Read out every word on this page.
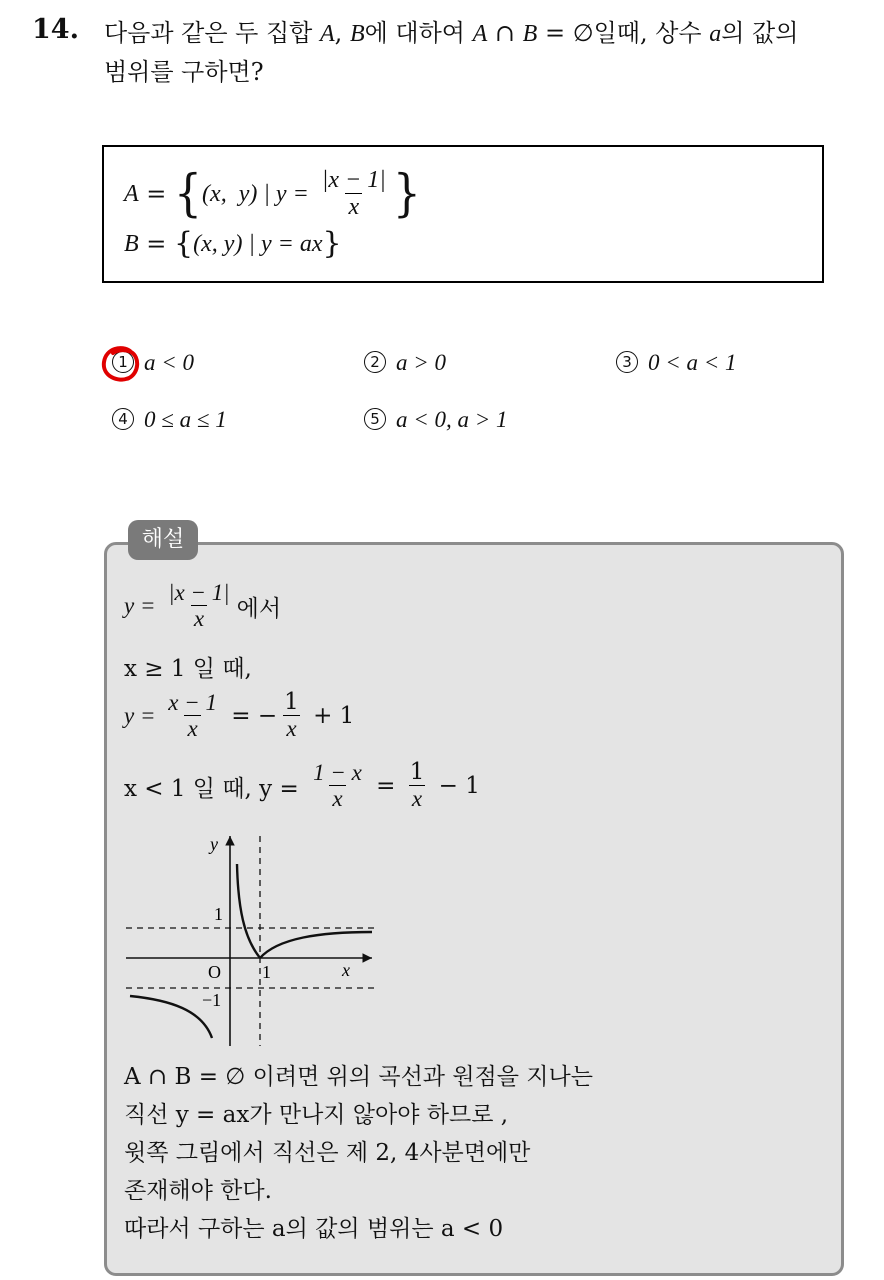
14. 다음과 같은 두 집합 A, B에 대하여 A ∩ B = ∅일때, 상수 a의 값의
범위를 구하면?
A = { (x,  y) | $y = \frac{|x - 1|}{x}$ }
B = { (x, y) | y = ax }
1 a < 0	2 a > 0	3 0 < a < 1
4 0 ≤ a ≤ 1	5 a < 0, a > 1
해설
$y = \frac{|x - 1|}{x}$ 에서
x ≥ 1 일 때,
$y = \frac{x - 1}{x}$ = − $\frac{1}{x} + 1$
x < 1 일 때, $y = \frac{1 - x}{x} = \frac{1}{x} - 1$
y
x
O 1
1
−1
A ∩ B = ∅ 이려면 위의 곡선과 원점을 지나는
직선 y = ax가 만나지 않아야 하므로 ,
윗쪽 그림에서 직선은 제 2, 4사분면에만
존재해야 한다.
따라서 구하는 a의 값의 범위는 a < 0
